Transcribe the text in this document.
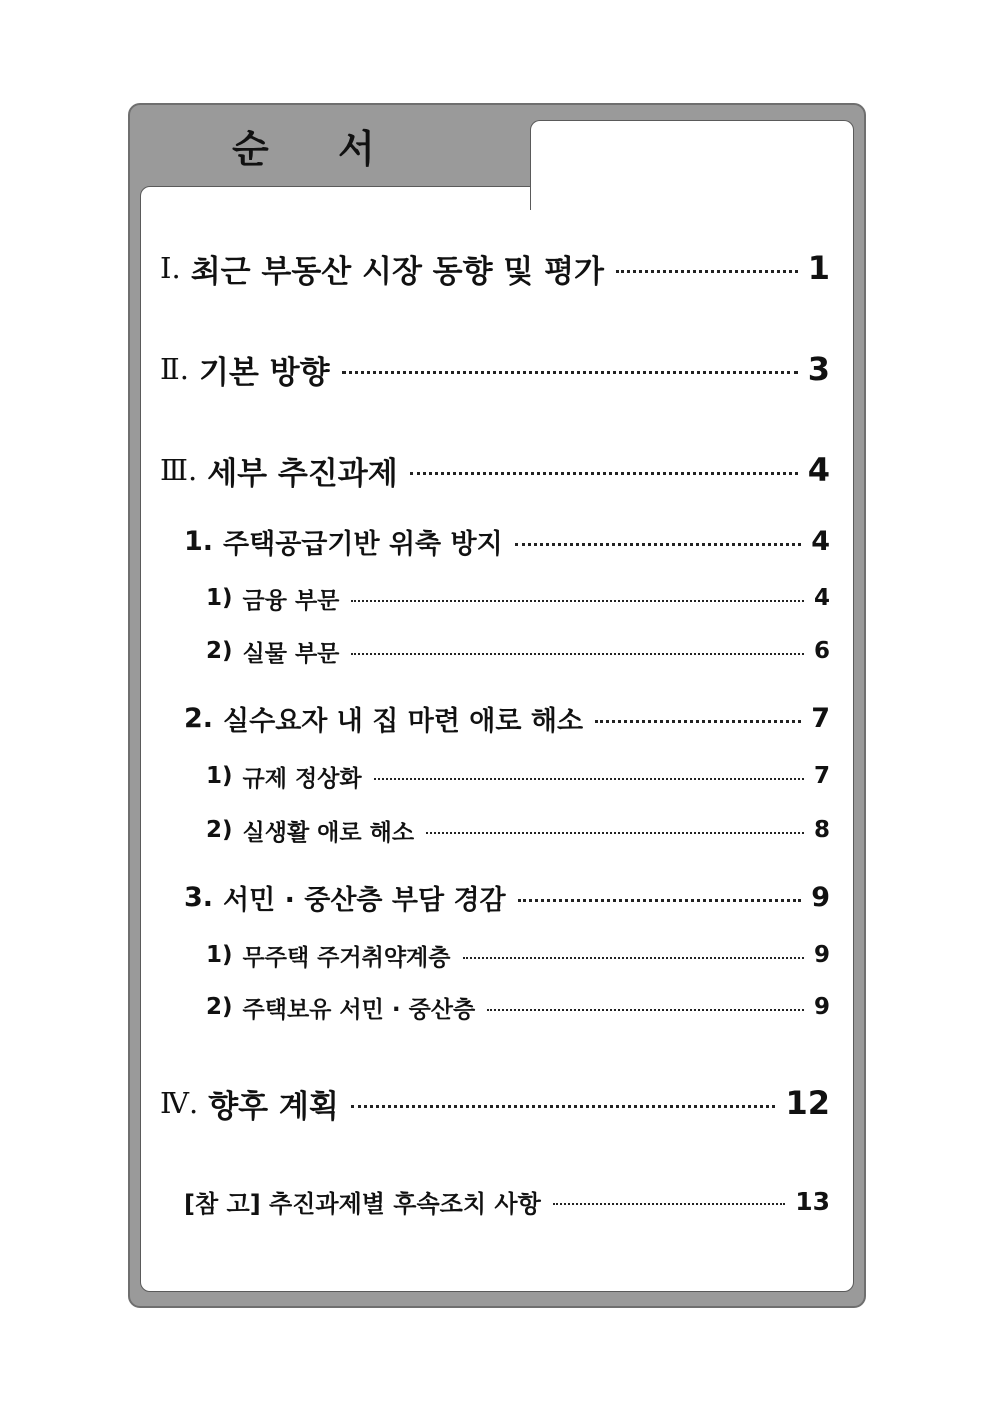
순 서
Ⅰ. 최근 부동산 시장 동향 및 평가	1
Ⅱ. 기본 방향	3
Ⅲ. 세부 추진과제	4
1. 주택공급기반 위축 방지	4
1) 금융 부문	4
2) 실물 부문	6
2. 실수요자 내 집 마련 애로 해소	7
1) 규제 정상화	7
2) 실생활 애로 해소	8
3. 서민 · 중산층 부담 경감	9
1) 무주택 주거취약계층	9
2) 주택보유 서민 · 중산층	9
Ⅳ. 향후 계획	12
[참 고] 추진과제별 후속조치 사항	13
